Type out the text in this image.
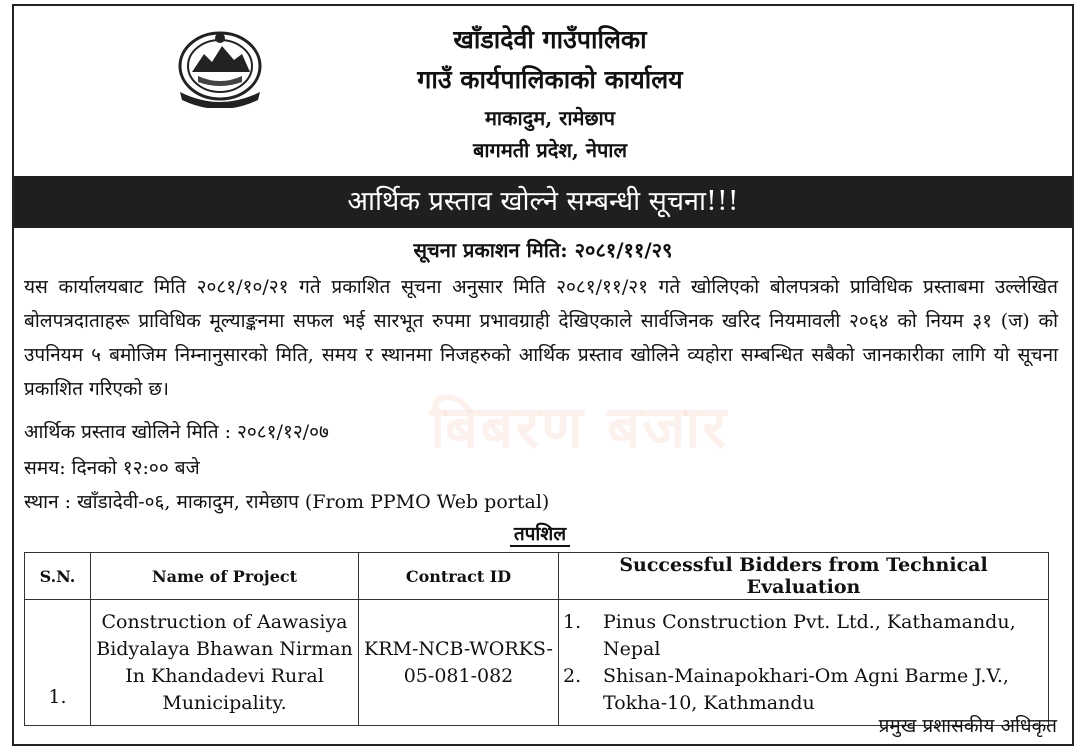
खाँडादेवी गाउँपालिका
गाउँ कार्यपालिकाको कार्यालय
माकादुम, रामेछाप
बागमती प्रदेश, नेपाल
आर्थिक प्रस्ताव खोल्ने सम्बन्धी सूचना!!!
सूचना प्रकाशन मिति: २०८१/११/२९
बिबरण बजार
यस कार्यालयबाट मिति २०८१/१०/२१ गते प्रकाशित सूचना अनुसार मिति २०८१/११/२१ गते खोलिएको बोलपत्रको प्राविधिक प्रस्ताबमा उल्लेखित बोलपत्रदाताहरू प्राविधिक मूल्याङ्कनमा सफल भई सारभूत रुपमा प्रभावग्राही देखिएकाले सार्वजिनक खरिद नियमावली २०६४ को नियम ३१ (ज) को उपनियम ५ बमोजिम निम्नानुसारको मिति, समय र स्थानमा निजहरुको आर्थिक प्रस्ताव खोलिने व्यहोरा सम्बन्धित सबैको जानकारीका लागि यो सूचना प्रकाशित गरिएको छ।
आर्थिक प्रस्ताव खोलिने मिति : २०८१/१२/०७
समय: दिनको १२:०० बजे
स्थान : खाँडादेवी-०६, माकादुम, रामेछाप (From PPMO Web portal)
तपशिल
S.N.	Name of Project	Contract ID	Successful Bidders from Technical Evaluation
1.	Construction of Aawasiya Bidyalaya Bhawan Nirman In Khandadevi Rural Municipality.	KRM-NCB-WORKS-05-081-082	1. Pinus Construction Pvt. Ltd., Kathamandu, Nepal
2. Shisan-Mainapokhari-Om Agni Barme J.V., Tokha-10, Kathmandu
प्रमुख प्रशासकीय अधिकृत
